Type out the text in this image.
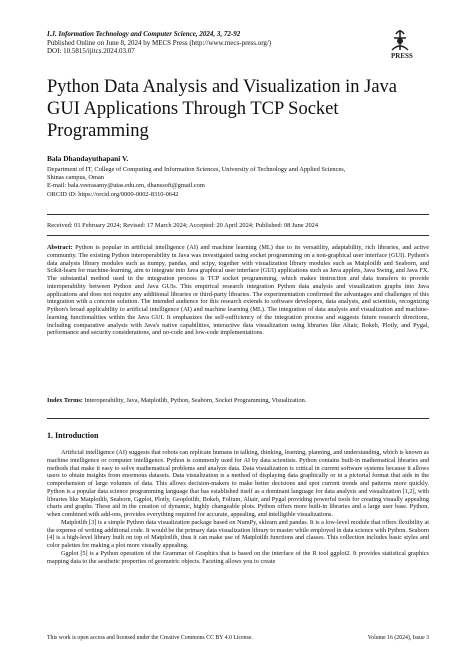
I.J. Information Technology and Computer Science, 2024, 3, 72-92
Published Online on June 8, 2024 by MECS Press (http://www.mecs-press.org/)
DOI: 10.5815/ijitcs.2024.03.07
PRESS
Python Data Analysis and Visualization in Java
GUI Applications Through TCP Socket
Programming
Bala Dhandayuthapani V.
Department of IT, College of Computing and Information Sciences, University of Technology and Applied Sciences,
Shinas campus, Oman
E-mail: bala.veerasamy@utas.edu.om, dhanssoft@gmail.com
ORCID iD: https://orcid.org/0000-0002-8310-0642
Received: 01 February 2024; Revised: 17 March 2024; Accepted: 20 April 2024; Published: 08 June 2024
Abstract: Python is popular in artificial intelligence (AI) and machine learning (ML) due to its versatility, adaptability, rich libraries, and active community. The existing Python interoperability in Java was investigated using socket programming on a non-graphical user interface (GUI). Python's data analysis library modules such as numpy, pandas, and scipy, together with visualization library modules such as Matplotlib and Seaborn, and Scikit-learn for machine-learning, aim to integrate into Java graphical user interface (GUI) applications such as Java applets, Java Swing, and Java FX. The substantial method used in the integration process is TCP socket programming, which makes instruction and data transfers to provide interoperability between Python and Java GUIs. This empirical research integration Python data analysis and visualization graphs into Java applications and does not require any additional libraries or third-party libraries. The experimentation confirmed the advantages and challenges of this integration with a concrete solution. The intended audience for this research extends to software developers, data analysts, and scientists, recognizing Python's broad applicability to artificial intelligence (AI) and machine learning (ML). The integration of data analysis and visualization and machine-learning functionalities within the Java GUI. It emphasizes the self-sufficiency of the integration process and suggests future research directions, including comparative analysis with Java's native capabilities, interactive data visualization using libraries like Altair, Bokeh, Plotly, and Pygal, performance and security considerations, and no-code and low-code implementations.
Index Terms: Interoperability, Java, Matplotlib, Python, Seaborn, Socket Programming, Visualization.
1. Introduction

Artificial intelligence (AI) suggests that robots can replicate humans in talking, thinking, learning, planning, and understanding, which is known as machine intelligence or computer intelligence. Python is commonly used for AI by data scientists. Python contains built-in mathematical libraries and methods that make it easy to solve mathematical problems and analyze data. Data visualization is critical in current software systems because it allows users to obtain insights from enormous datasets. Data visualization is a method of displaying data graphically or in a pictorial format that aids in the comprehension of large volumes of data. This allows decision-makers to make better decisions and spot current trends and patterns more quickly. Python is a popular data science programming language that has established itself as a dominant language for data analysis and visualization [1,2], with libraries like Matplotlib, Seaborn, Ggplot, Plotly, Geoplotlib, Bokeh, Folium, Altair, and Pygal providing powerful tools for creating visually appealing charts and graphs. These aid in the creation of dynamic, highly changeable plots. Python offers more built-in libraries and a large user base. Python, when combined with add-ons, provides everything required for accurate, appealing, and intelligible visualizations.

Matplotlib [3] is a simple Python data visualization package based on NumPy, sklearn and pandas. It is a low-level module that offers flexibility at the expense of writing additional code. It would be the primary data visualization library to master while employed in data science with Python. Seaborn [4] is a high-level library built on top of Matplotlib, thus it can make use of Matplotlib functions and classes. This collection includes basic styles and color palettes for making a plot more visually appealing.

Ggplot [5] is a Python operation of the Grammar of Graphics that is based on the interface of the R tool ggplot2. It provides statistical graphics mapping data to the aesthetic properties of geometric objects. Faceting allows you to create

This work is open access and licensed under the Creative Commons CC BY 4.0 License.	Volume 16 (2024), Issue 3
